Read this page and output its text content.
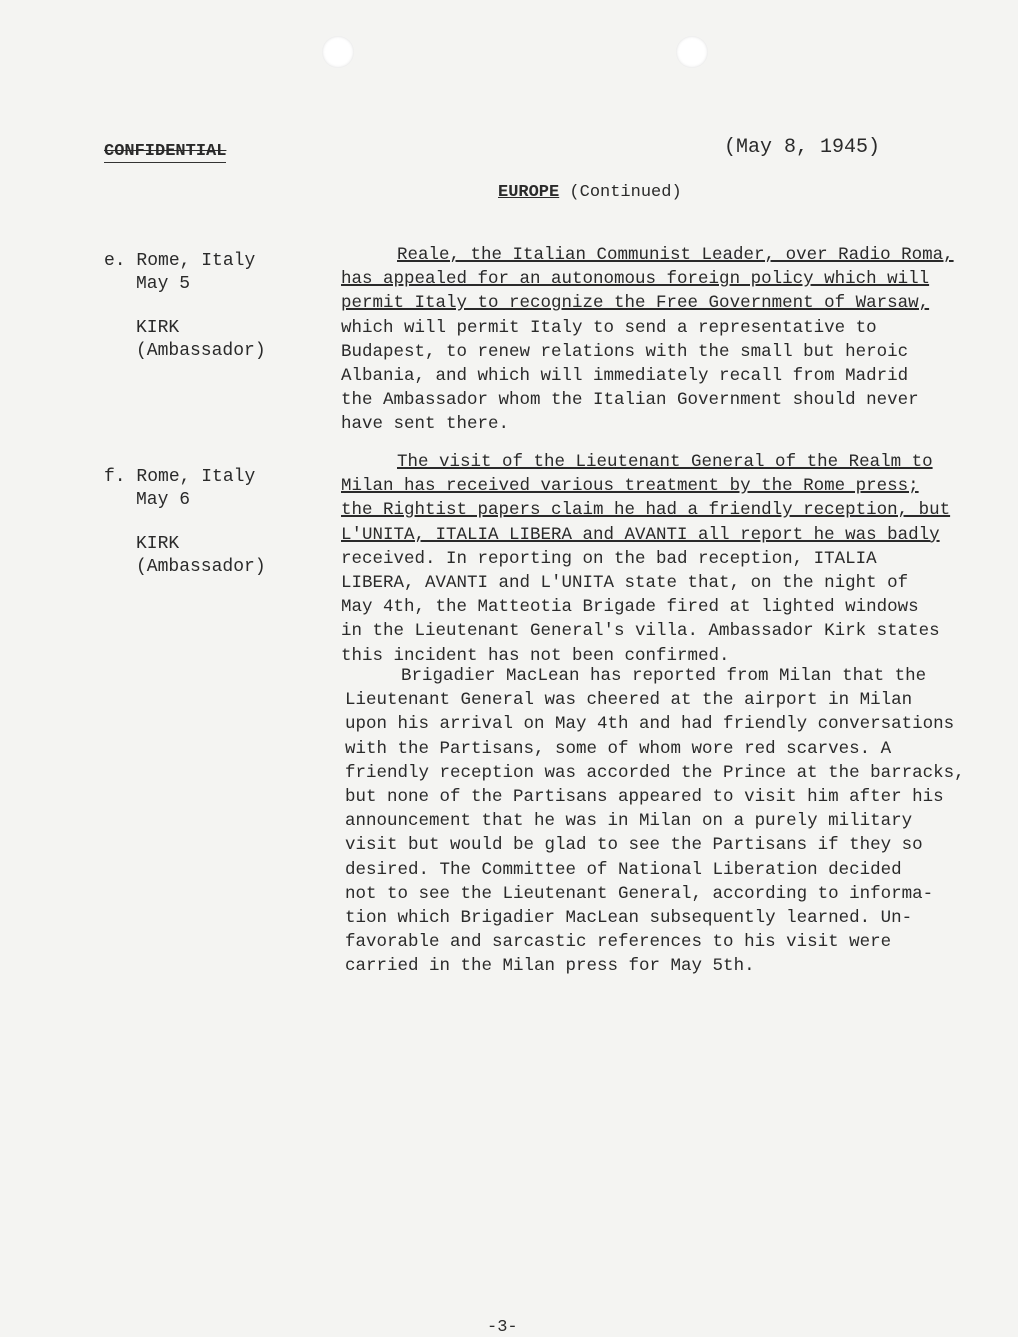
CONFIDENTIAL	(May 8, 1945)
EUROPE (Continued)
e. Rome, Italy
May 5
KIRK
(Ambassador)
Reale, the Italian Communist Leader, over Radio Roma,
has appealed for an autonomous foreign policy which will
permit Italy to recognize the Free Government of Warsaw,
which will permit Italy to send a representative to
Budapest, to renew relations with the small but heroic
Albania, and which will immediately recall from Madrid
the Ambassador whom the Italian Government should never
have sent there.
f. Rome, Italy
May 6
KIRK
(Ambassador)
The visit of the Lieutenant General of the Realm to
Milan has received various treatment by the Rome press;
the Rightist papers claim he had a friendly reception, but
L'UNITA, ITALIA LIBERA and AVANTI all report he was badly
received. In reporting on the bad reception, ITALIA
LIBERA, AVANTI and L'UNITA state that, on the night of
May 4th, the Matteotia Brigade fired at lighted windows
in the Lieutenant General's villa. Ambassador Kirk states
this incident has not been confirmed.
Brigadier MacLean has reported from Milan that the
Lieutenant General was cheered at the airport in Milan
upon his arrival on May 4th and had friendly conversations
with the Partisans, some of whom wore red scarves. A
friendly reception was accorded the Prince at the barracks,
but none of the Partisans appeared to visit him after his
announcement that he was in Milan on a purely military
visit but would be glad to see the Partisans if they so
desired. The Committee of National Liberation decided
not to see the Lieutenant General, according to informa-
tion which Brigadier MacLean subsequently learned. Un-
favorable and sarcastic references to his visit were
carried in the Milan press for May 5th.
-3-
